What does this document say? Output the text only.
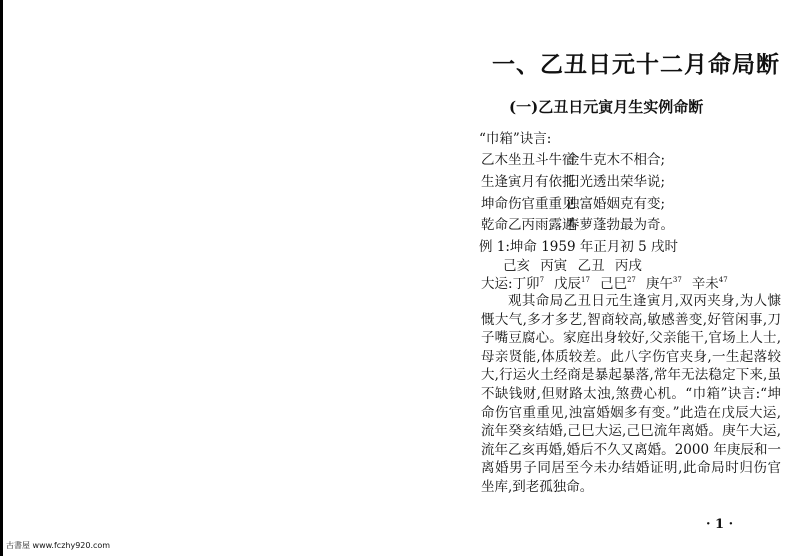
一、乙丑日元十二月命局断
(一)乙丑日元寅月生实例命断
“巾箱”诀言:
乙木坐丑斗牛宿
金牛克木不相合;
生逢寅月有依托
阳光透出荣华说;
坤命伤官重重见
浊富婚姻克有变;
乾命乙丙雨露遇
春萝蓬勃最为奇。
例 1:坤命 1959 年正月初 5 戌时
己亥 丙寅 乙丑 丙戌
大运:丁卯$^7$ 戊辰$^{17}$ 己巳$^{27}$ 庚午$^{37}$ 辛未$^{47}$

观其命局乙丑日元生逢寅月,双丙夹身,为人慷慨大气,多才多艺,智商较高,敏感善变,好管闲事,刀子嘴豆腐心。家庭出身较好,父亲能干,官场上人士,母亲贤能,体质较差。此八字伤官夹身,一生起落较大,行运火土经商是暴起暴落,常年无法稳定下来,虽不缺钱财,但财路太浊,煞费心机。“巾箱”诀言:“坤命伤官重重见,浊富婚姻多有变。”此造在戊辰大运,流年癸亥结婚,己巳大运,己巳流年离婚。庚午大运,流年乙亥再婚,婚后不久又离婚。2000 年庚辰和一离婚男子同居至今未办结婚证明,此命局时归伤官坐库,到老孤独命。

· 1 ·
古書屋 www.fczhy920.com
